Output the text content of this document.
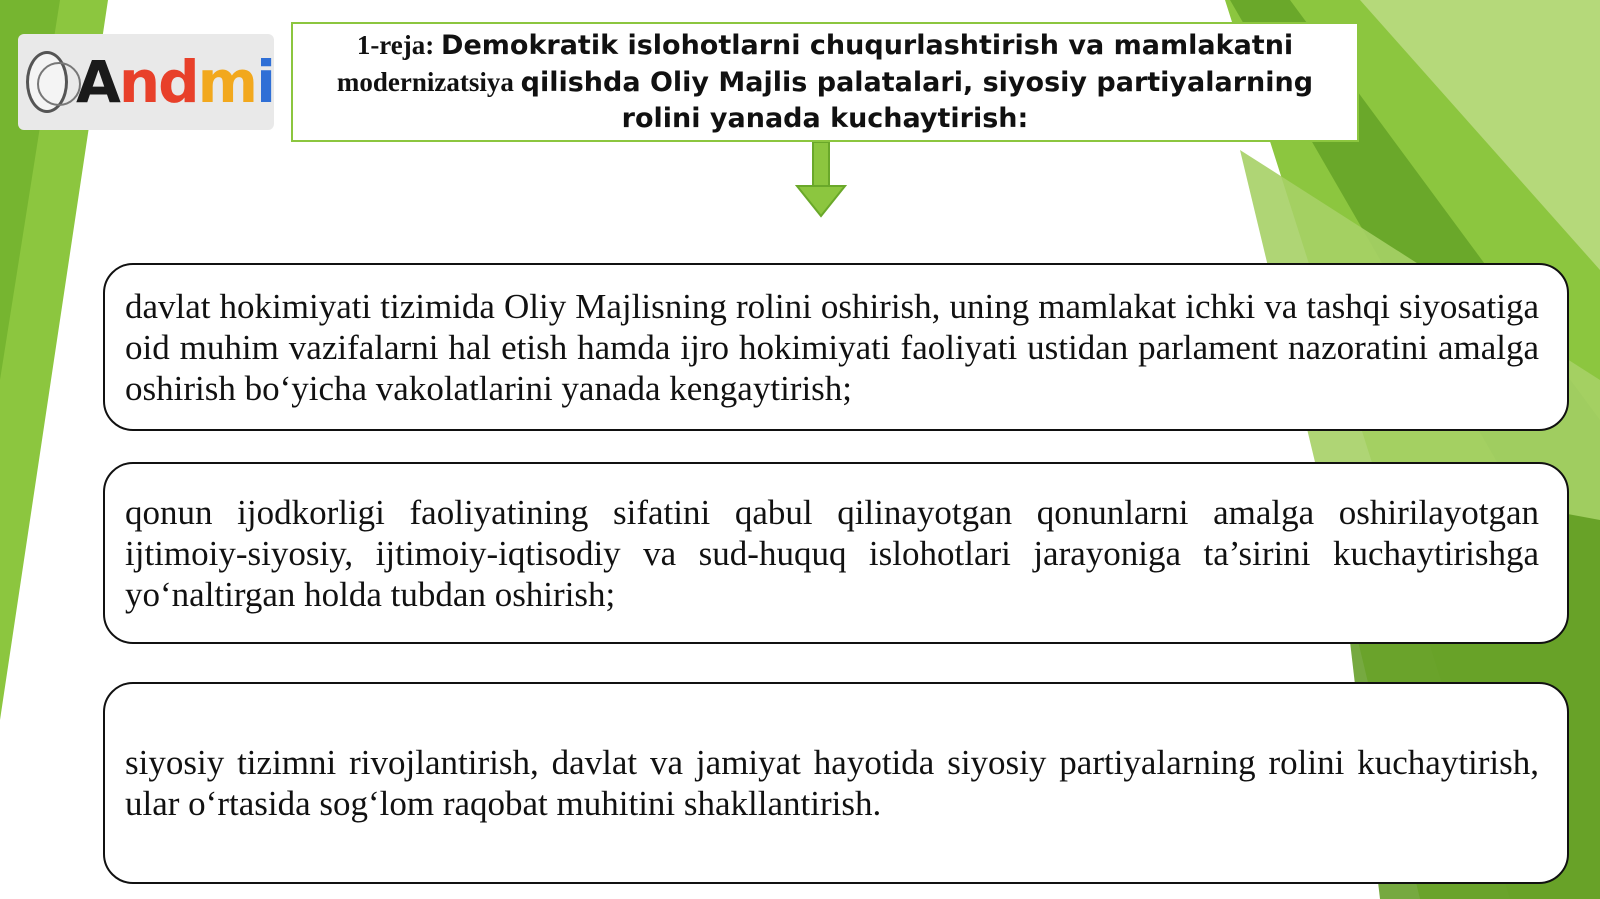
Andmi
1-reja: Demokratik islohotlarni chuqurlashtirish va mamlakatni modernizatsiya qilishda Oliy Majlis palatalari, siyosiy partiyalarning rolini yanada kuchaytirish:

davlat hokimiyati tizimida Oliy Majlisning rolini oshirish, uning mamlakat ichki va tashqi siyosatiga oid muhim vazifalarni hal etish hamda ijro hokimiyati faoliyati ustidan parlament nazoratini amalga oshirish bo‘yicha vakolatlarini yanada kengaytirish;

qonun ijodkorligi faoliyatining sifatini qabul qilinayotgan qonunlarni amalga oshirilayotgan ijtimoiy-siyosiy, ijtimoiy-iqtisodiy va sud-huquq islohotlari jarayoniga ta’sirini kuchaytirishga yo‘naltirgan holda tubdan oshirish;

siyosiy tizimni rivojlantirish, davlat va jamiyat hayotida siyosiy partiyalarning rolini kuchaytirish, ular o‘rtasida sog‘lom raqobat muhitini shakllantirish.
